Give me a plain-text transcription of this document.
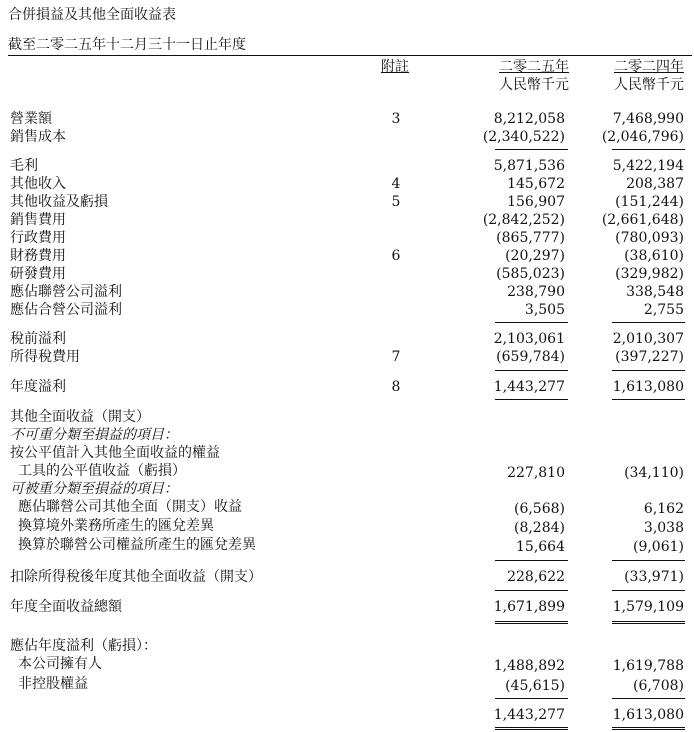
合併損益及其他全面收益表
截至二零二五年十二月三十一日止年度
附註	二零二五年	二零二四年
人民幣千元	人民幣千元
營業額	3	8,212,058	7,468,990
銷售成本	(2,340,522)	(2,046,796)
毛利	5,871,536	5,422,194
其他收入	4	145,672	208,387
其他收益及虧損	5	156,907	(151,244)
銷售費用	(2,842,252)	(2,661,648)
行政費用	(865,777)	(780,093)
財務費用	6	(20,297)	(38,610)
研發費用	(585,023)	(329,982)
應佔聯營公司溢利	238,790	338,548
應佔合營公司溢利	3,505	2,755
稅前溢利	2,103,061	2,010,307
所得稅費用	7	(659,784)	(397,227)
年度溢利	8	1,443,277	1,613,080
其他全面收益（開支）
不可重分類至損益的項目：
按公平值計入其他全面收益的權益
工具的公平值收益（虧損）	227,810	(34,110)
可被重分類至損益的項目：
應佔聯營公司其他全面（開支）收益	(6,568)	6,162
換算境外業務所產生的匯兌差異	(8,284)	3,038
換算於聯營公司權益所產生的匯兌差異	15,664	(9,061)
扣除所得稅後年度其他全面收益（開支）	228,622	(33,971)
年度全面收益總額	1,671,899	1,579,109
應佔年度溢利（虧損）：
本公司擁有人	1,488,892	1,619,788
非控股權益	(45,615)	(6,708)
1,443,277	1,613,080
